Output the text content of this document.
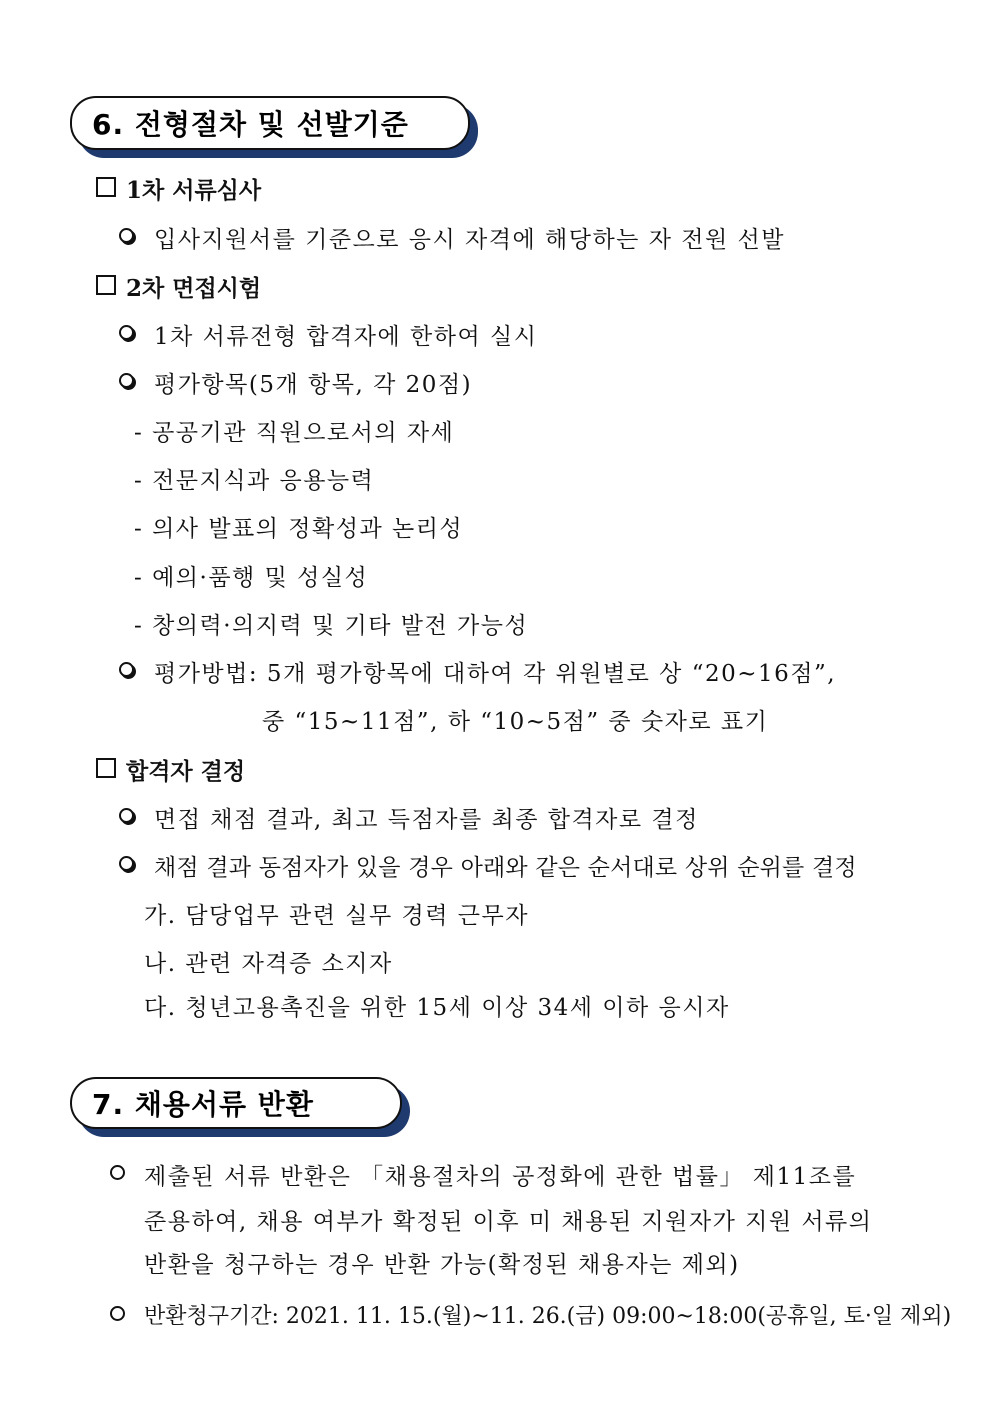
6. 전형절차 및 선발기준
1차 서류심사
입사지원서를 기준으로 응시 자격에 해당하는 자 전원 선발
2차 면접시험
1차 서류전형 합격자에 한하여 실시
평가항목(5개 항목, 각 20점)
- 공공기관 직원으로서의 자세
- 전문지식과 응용능력
- 의사 발표의 정확성과 논리성
- 예의·품행 및 성실성
- 창의력·의지력 및 기타 발전 가능성
평가방법: 5개 평가항목에 대하여 각 위원별로 상 “20~16점”,
중 “15~11점”, 하 “10~5점” 중 숫자로 표기
합격자 결정
면접 채점 결과, 최고 득점자를 최종 합격자로 결정
채점 결과 동점자가 있을 경우 아래와 같은 순서대로 상위 순위를 결정
가. 담당업무 관련 실무 경력 근무자
나. 관련 자격증 소지자
다. 청년고용촉진을 위한 15세 이상 34세 이하 응시자
7. 채용서류 반환
제출된 서류 반환은 「채용절차의 공정화에 관한 법률」 제11조를
준용하여, 채용 여부가 확정된 이후 미 채용된 지원자가 지원 서류의
반환을 청구하는 경우 반환 가능(확정된 채용자는 제외)
반환청구기간: 2021. 11. 15.(월)~11. 26.(금) 09:00~18:00(공휴일, 토·일 제외)
